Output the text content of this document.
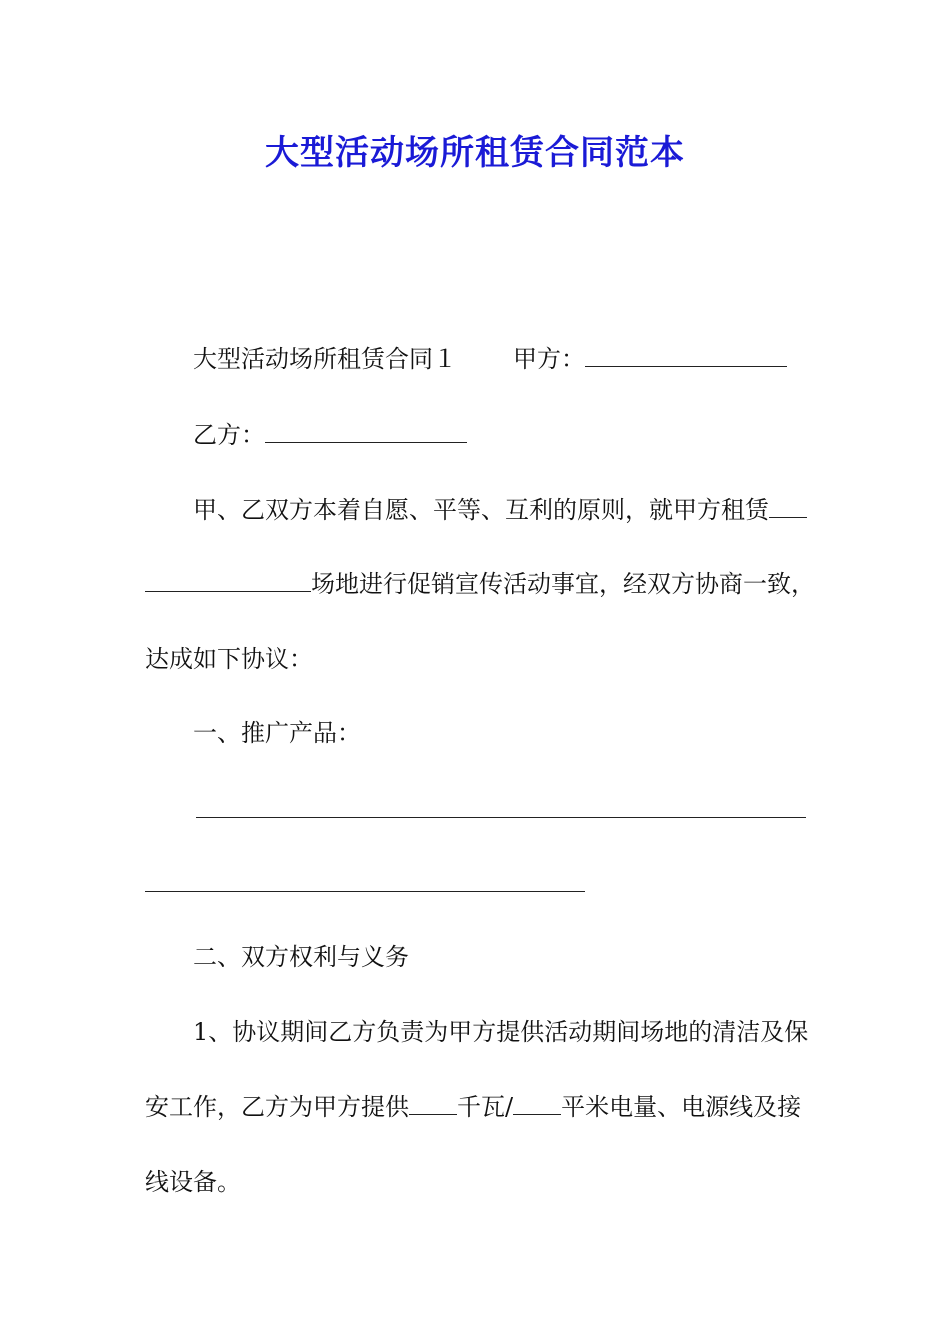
大型活动场所租赁合同范本
大型活动场所租赁合同１ 甲方：
乙方：
甲、乙双方本着自愿、平等、互利的原则，就甲方租赁
场地进行促销宣传活动事宜，经双方协商一致，
达成如下协议：
一、推广产品：
二、双方权利与义务
1、协议期间乙方负责为甲方提供活动期间场地的清洁及保
安工作，乙方为甲方提供 千瓦/ 平米电量、电源线及接
线设备。
